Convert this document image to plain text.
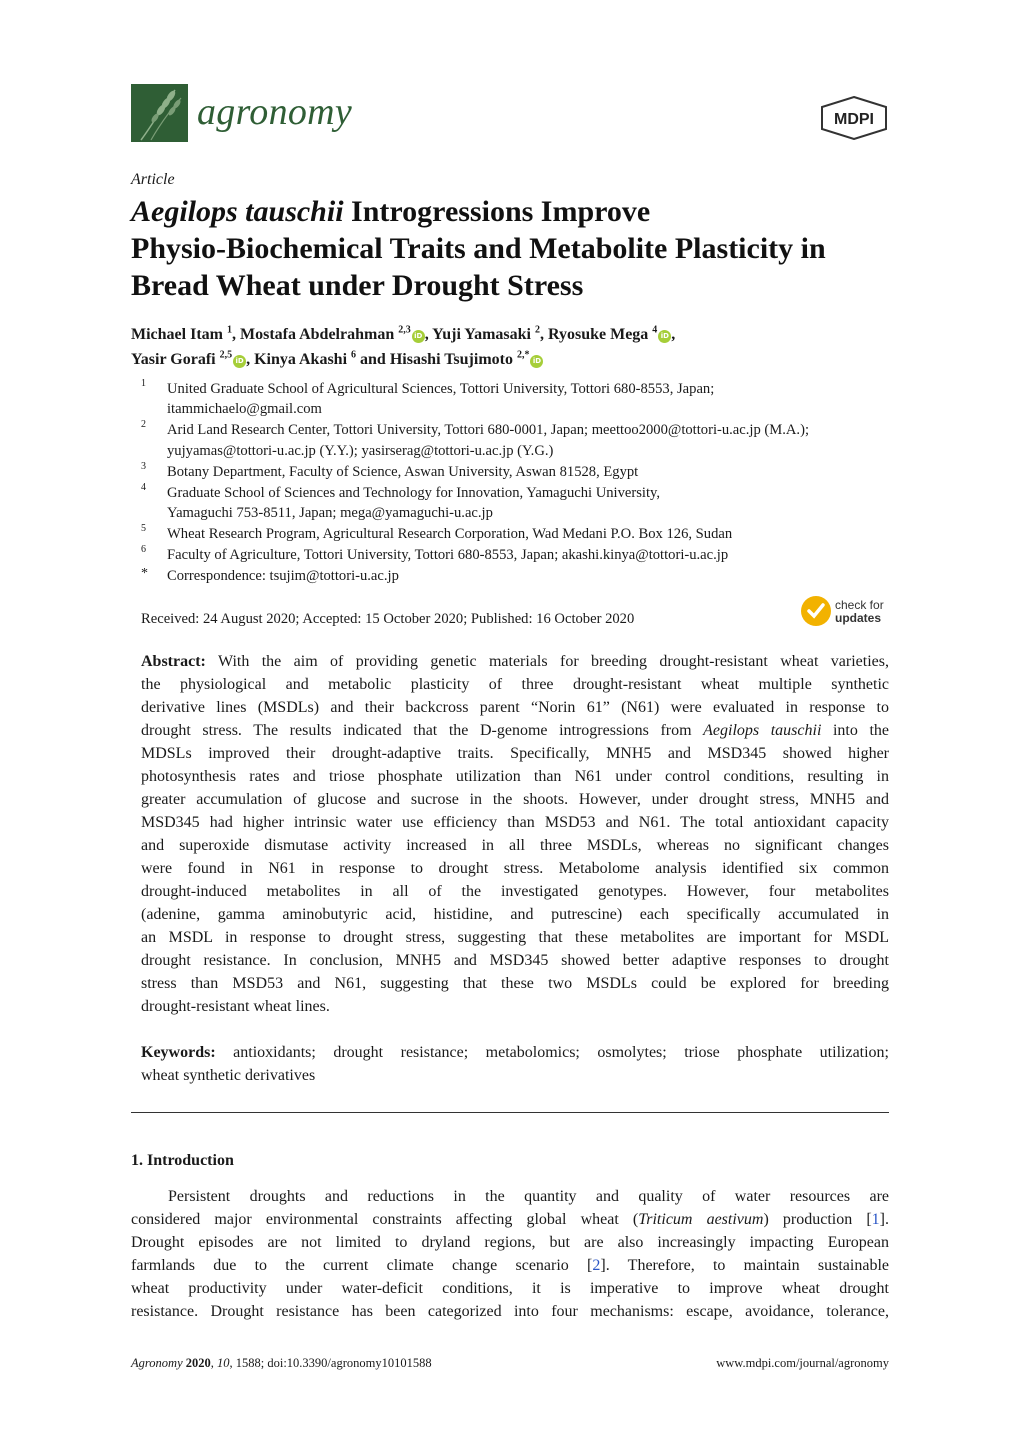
agronomy	MDPI
Article
Aegilops tauschii Introgressions Improve
Physio-Biochemical Traits and Metabolite Plasticity in
Bread Wheat under Drought Stress
Michael Itam $^1$, Mostafa Abdelrahman $^{2,3}$iD , Yuji Yamasaki $^2$, Ryosuke Mega $^4$iD ,
Yasir Gorafi $^{2,5}$iD , Kinya Akashi $^6$ and Hisashi Tsujimoto $^{2,*}$iD
1 United Graduate School of Agricultural Sciences, Tottori University, Tottori 680-8553, Japan;
itammichaelo@gmail.com
2 Arid Land Research Center, Tottori University, Tottori 680-0001, Japan; meettoo2000@tottori-u.ac.jp (M.A.);
yujyamas@tottori-u.ac.jp (Y.Y.); yasirserag@tottori-u.ac.jp (Y.G.)
3 Botany Department, Faculty of Science, Aswan University, Aswan 81528, Egypt
4 Graduate School of Sciences and Technology for Innovation, Yamaguchi University,
Yamaguchi 753-8511, Japan; mega@yamaguchi-u.ac.jp
5 Wheat Research Program, Agricultural Research Corporation, Wad Medani P.O. Box 126, Sudan
6 Faculty of Agriculture, Tottori University, Tottori 680-8553, Japan; akashi.kinya@tottori-u.ac.jp
* Correspondence: tsujim@tottori-u.ac.jp
Received: 24 August 2020; Accepted: 15 October 2020; Published: 16 October 2020
check for
updates
Abstract: With the aim of providing genetic materials for breeding drought-resistant wheat varieties,
the physiological and metabolic plasticity of three drought-resistant wheat multiple synthetic
derivative lines (MSDLs) and their backcross parent “Norin 61” (N61) were evaluated in response to
drought stress. The results indicated that the D-genome introgressions from Aegilops tauschii into the
MDSLs improved their drought-adaptive traits. Specifically, MNH5 and MSD345 showed higher
photosynthesis rates and triose phosphate utilization than N61 under control conditions, resulting in
greater accumulation of glucose and sucrose in the shoots. However, under drought stress, MNH5 and
MSD345 had higher intrinsic water use efficiency than MSD53 and N61. The total antioxidant capacity
and superoxide dismutase activity increased in all three MSDLs, whereas no significant changes
were found in N61 in response to drought stress. Metabolome analysis identified six common
drought-induced metabolites in all of the investigated genotypes. However, four metabolites
(adenine, gamma aminobutyric acid, histidine, and putrescine) each specifically accumulated in
an MSDL in response to drought stress, suggesting that these metabolites are important for MSDL
drought resistance. In conclusion, MNH5 and MSD345 showed better adaptive responses to drought
stress than MSD53 and N61, suggesting that these two MSDLs could be explored for breeding
drought-resistant wheat lines.
Keywords: antioxidants; drought resistance; metabolomics; osmolytes; triose phosphate utilization;
wheat synthetic derivatives
1. Introduction
Persistent droughts and reductions in the quantity and quality of water resources are
considered major environmental constraints affecting global wheat (Triticum aestivum) production [1].
Drought episodes are not limited to dryland regions, but are also increasingly impacting European
farmlands due to the current climate change scenario [2]. Therefore, to maintain sustainable
wheat productivity under water-deficit conditions, it is imperative to improve wheat drought
resistance. Drought resistance has been categorized into four mechanisms: escape, avoidance, tolerance,
Agronomy 2020, 10, 1588; doi:10.3390/agronomy10101588	www.mdpi.com/journal/agronomy
